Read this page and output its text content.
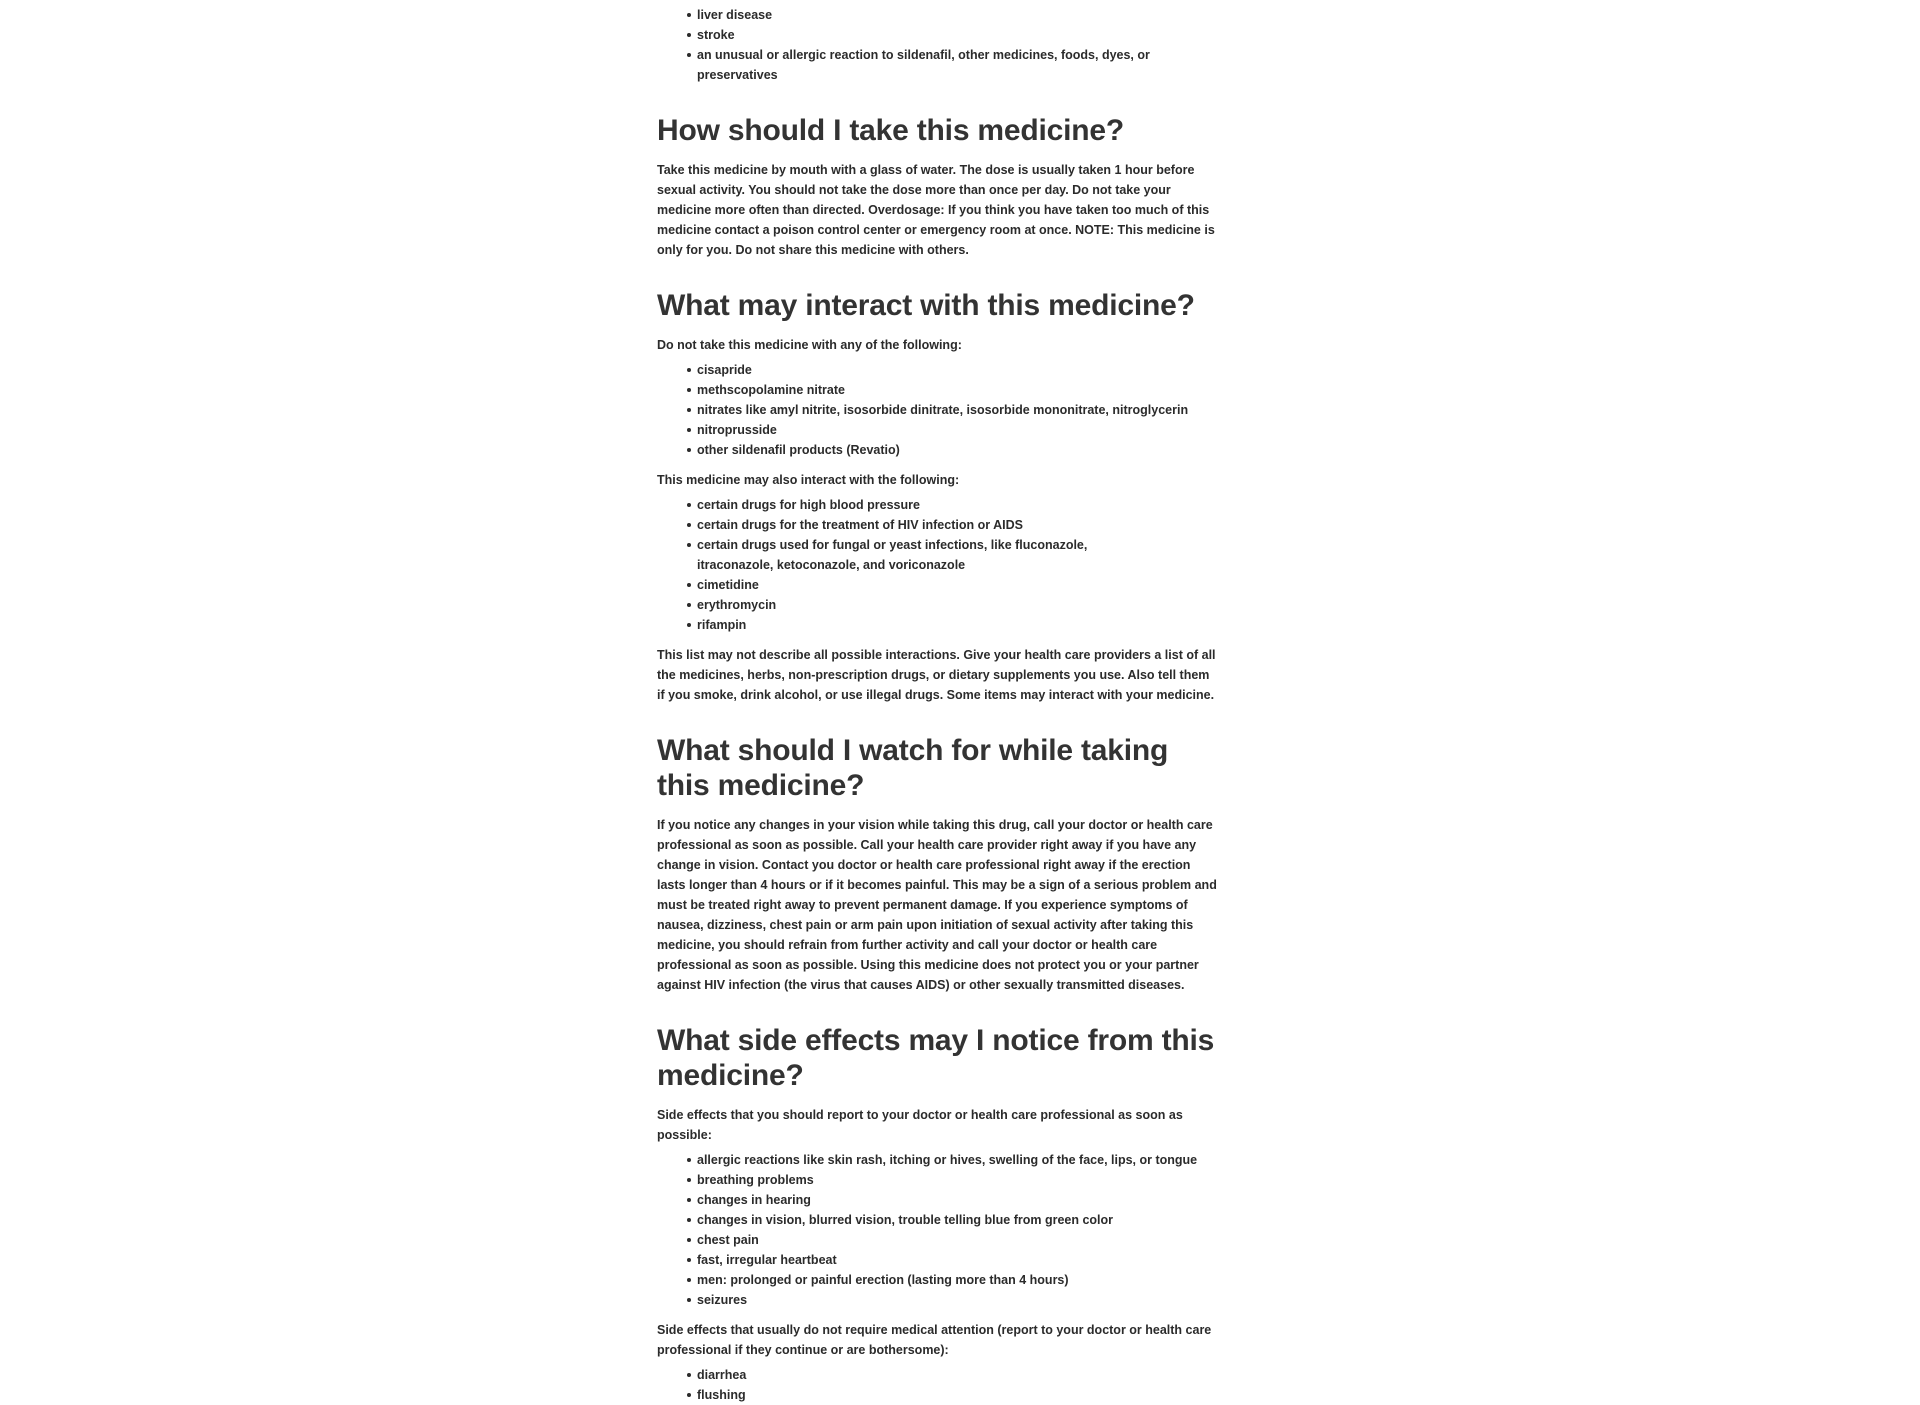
liver disease
stroke
an unusual or allergic reaction to sildenafil, other medicines, foods, dyes, or preservatives
How should I take this medicine?

Take this medicine by mouth with a glass of water. The dose is usually taken 1 hour before sexual activity. You should not take the dose more than once per day. Do not take your medicine more often than directed. Overdosage: If you think you have taken too much of this medicine contact a poison control center or emergency room at once. NOTE: This medicine is only for you. Do not share this medicine with others.

What may interact with this medicine?

Do not take this medicine with any of the following:

cisapride
methscopolamine nitrate
nitrates like amyl nitrite, isosorbide dinitrate, isosorbide mononitrate, nitroglycerin
nitroprusside
other sildenafil products (Revatio)

This medicine may also interact with the following:

certain drugs for high blood pressure
certain drugs for the treatment of HIV infection or AIDS
certain drugs used for fungal or yeast infections, like fluconazole, itraconazole, ketoconazole, and voriconazole
cimetidine
erythromycin
rifampin

This list may not describe all possible interactions. Give your health care providers a list of all the medicines, herbs, non-prescription drugs, or dietary supplements you use. Also tell them if you smoke, drink alcohol, or use illegal drugs. Some items may interact with your medicine.

What should I watch for while taking this medicine?

If you notice any changes in your vision while taking this drug, call your doctor or health care professional as soon as possible. Call your health care provider right away if you have any change in vision. Contact you doctor or health care professional right away if the erection lasts longer than 4 hours or if it becomes painful. This may be a sign of a serious problem and must be treated right away to prevent permanent damage. If you experience symptoms of nausea, dizziness, chest pain or arm pain upon initiation of sexual activity after taking this medicine, you should refrain from further activity and call your doctor or health care professional as soon as possible. Using this medicine does not protect you or your partner against HIV infection (the virus that causes AIDS) or other sexually transmitted diseases.

What side effects may I notice from this medicine?

Side effects that you should report to your doctor or health care professional as soon as possible:

allergic reactions like skin rash, itching or hives, swelling of the face, lips, or tongue
breathing problems
changes in hearing
changes in vision, blurred vision, trouble telling blue from green color
chest pain
fast, irregular heartbeat
men: prolonged or painful erection (lasting more than 4 hours)
seizures

Side effects that usually do not require medical attention (report to your doctor or health care professional if they continue or are bothersome):

diarrhea
flushing
